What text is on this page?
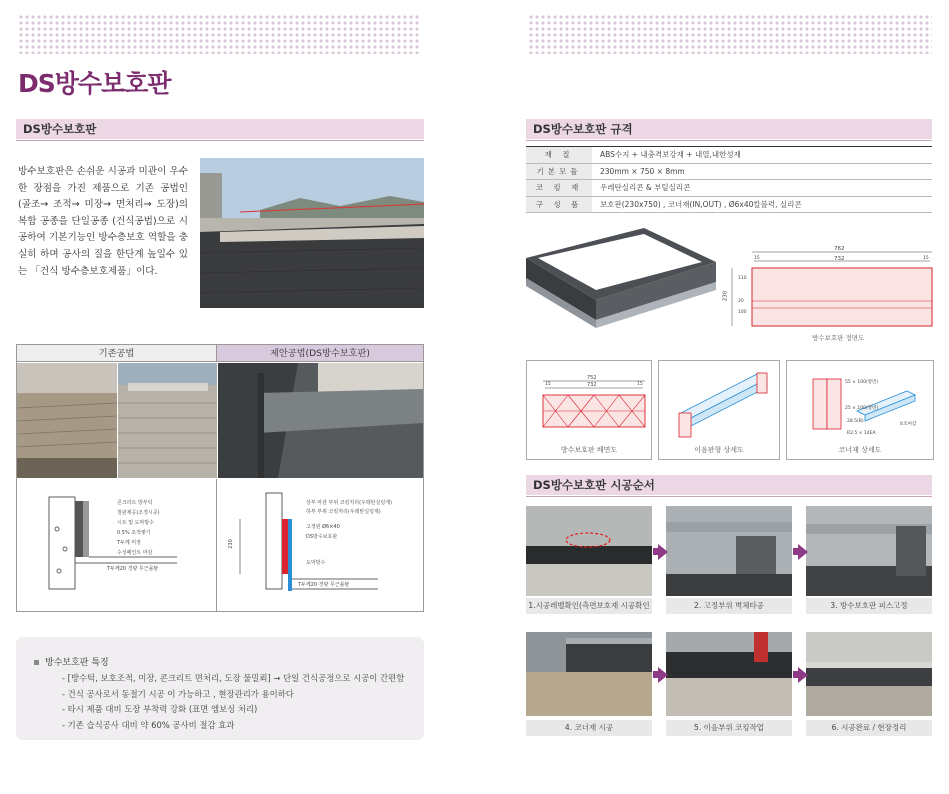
DS방수보호판
DS방수보호판
방수보호판은 손쉬운 시공과 미관이 우수한 장점을 가진 제품으로 기존 공법인 (골조→ 조적→ 미장→ 면처리→ 도장)의 복합 공종을 단일공종 (건식공법)으로 시공하여 기본기능인 방수층보호 역할을 충실히 하며 공사의 질을 한단계 높일수 있는 「건식 방수층보호제품」이다.
기존공법	제안공법(DS방수보호판)
콘크리트 방부턱
철판제공(조경시공)
시트 및 도막방수
0.5% 조적쌓기
T두께 미장
수성페인트 마감
T두께20 경량 무근몰탈
230
상부 마감 부위 코킹처리(우레탄실링재)
하부 부위 코킹처리(우레탄실링재)
고정핀 Ø6×40
DS방수보호판
도막방수
T두께20 경량 무근몰탈
방수보호판 특징
- [방수턱, 보호조적, 미장, 콘크리트 면처리, 도장 물밀뢰] → 단일 건식공정으로 시공이 간편함
- 건식 공사로서 동절기 시공 이 가능하고 , 현장관리가 용이하다
- 타시 제품 대비 도장 부착력 강화 (표면 엠보싱 처리)
- 기존 습식공사 대비 약 60% 공사비 절감 효과
DS방수보호판 규격
재 질	ABS수지 + 내충격보강재 + 내열,내한성재
기본모듈	230mm × 750 × 8mm
코 킹 재	우레탄실리콘 & 부틸실리콘
구 성 품	보호판(230x750) , 코너재(IN,OUT) , Ø6x40칼블럭, 실리콘
762
732
230
15	15
110
100
20
방수보호판 정면도
752
732
15	15
방수보호판 배면도	이음판형 상세도
55 × 100(방면)
25 × 100(방면)
28.5(B)
R2.5 × 14EA
보호마감
코너재 상세도
DS방수보호판 시공순서
1.시공레벨확인(측면보호재 시공확인	2. 고정부위 벽체타공	3. 방수보호판 피스고정
4. 코너재 시공	5. 이음부위 코킹작업	6. 시공완료 / 현장정리
